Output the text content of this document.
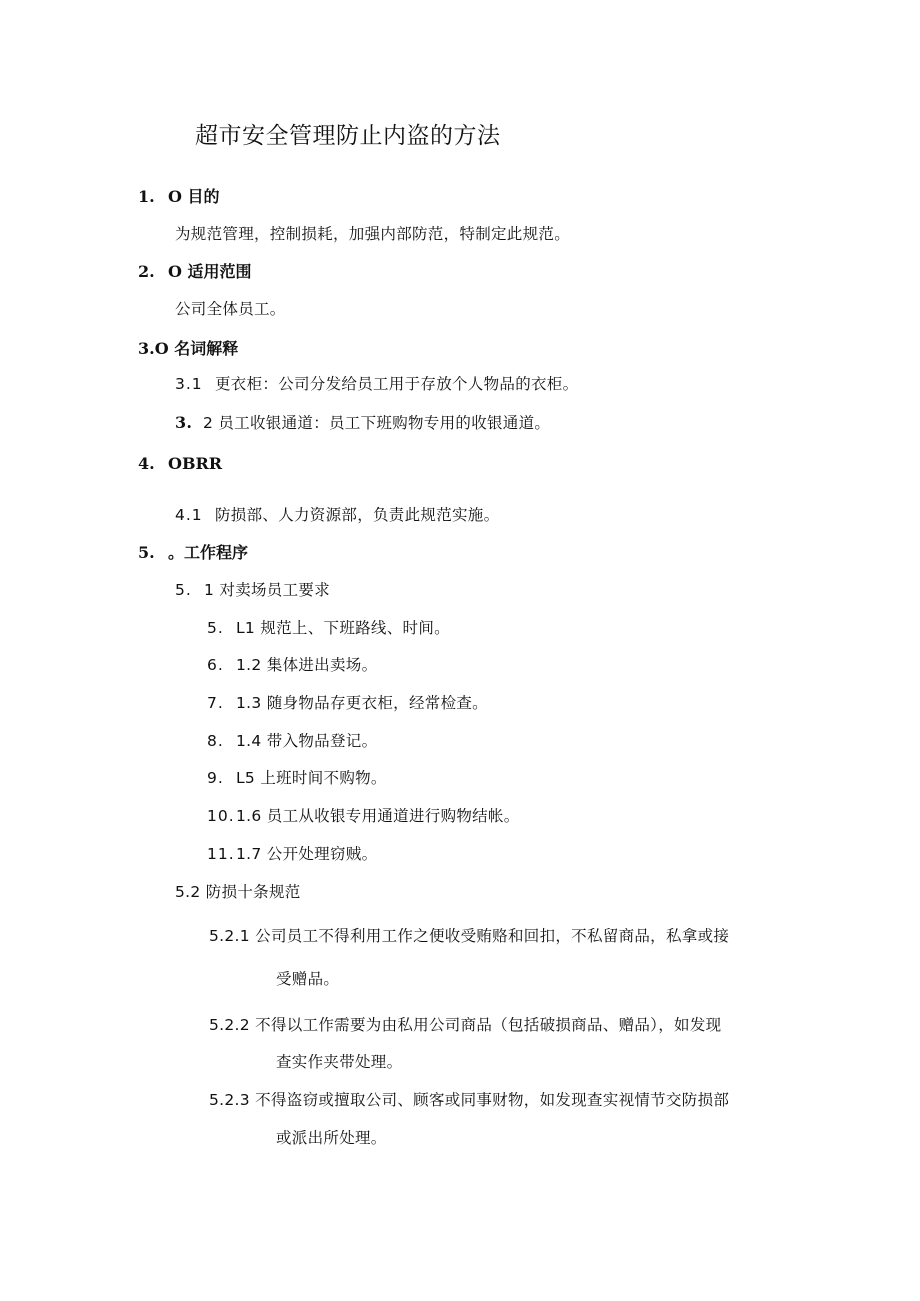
超市安全管理防止内盗的方法
1. O 目的
为规范管理，控制损耗，加强内部防范，特制定此规范。
2. O 适用范围
公司全体员工。
3.O 名词解释
3.1 更衣柜：公司分发给员工用于存放个人物品的衣柜。
3. 2 员工收银通道：员工下班购物专用的收银通道。
4. OBRR
4.1 防损部、人力资源部，负责此规范实施。
5. 。工作程序
5. 1 对卖场员工要求
5. L1 规范上、下班路线、时间。
6. 1.2 集体进出卖场。
7. 1.3 随身物品存更衣柜，经常检查。
8. 1.4 带入物品登记。
9. L5 上班时间不购物。
10.1.6 员工从收银专用通道进行购物结帐。
11.1.7 公开处理窃贼。
5.2 防损十条规范
5.2.1 公司员工不得利用工作之便收受贿赂和回扣，不私留商品，私拿或接
受赠品。
5.2.2 不得以工作需要为由私用公司商品（包括破损商品、赠品），如发现
查实作夹带处理。
5.2.3 不得盗窃或擅取公司、顾客或同事财物，如发现查实视情节交防损部
或派出所处理。
